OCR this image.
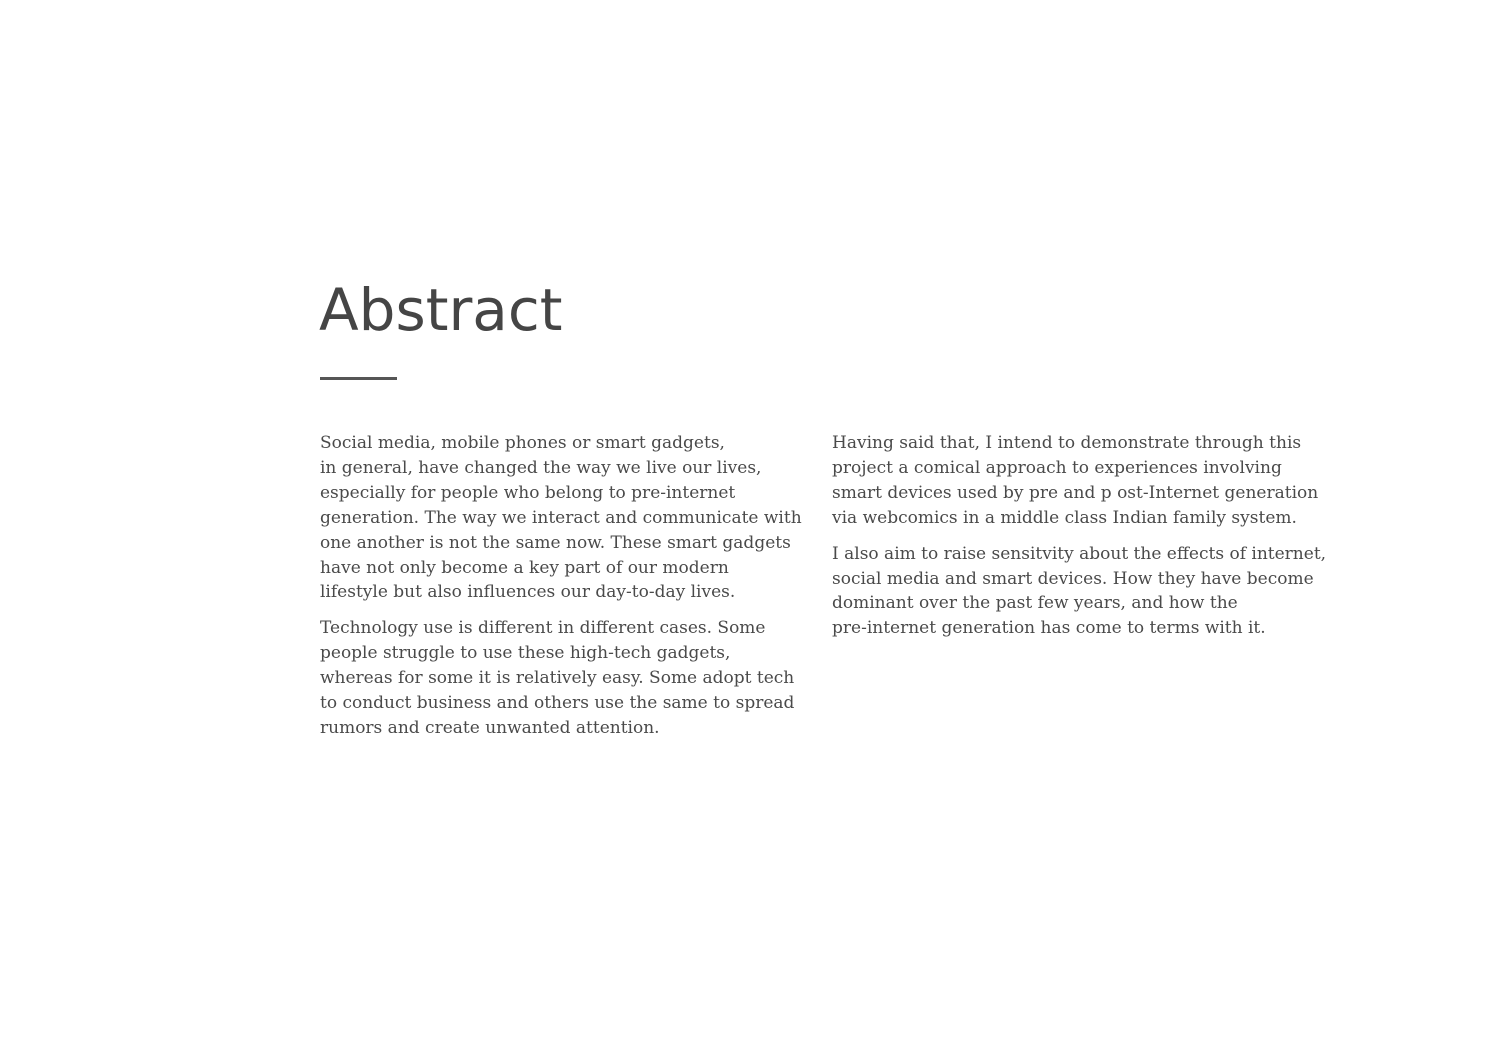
Abstract

Social media, mobile phones or smart gadgets,
in general, have changed the way we live our lives,
especially for people who belong to pre-internet
generation. The way we interact and communicate with
one another is not the same now. These smart gadgets
have not only become a key part of our modern
lifestyle but also influences our day-to-day lives.

Technology use is different in different cases. Some
people struggle to use these high-tech gadgets,
whereas for some it is relatively easy. Some adopt tech
to conduct business and others use the same to spread
rumors and create unwanted attention.

Having said that, I intend to demonstrate through this
project a comical approach to experiences involving
smart devices used by pre and p ost-Internet generation
via webcomics in a middle class Indian family system.

I also aim to raise sensitvity about the effects of internet,
social media and smart devices. How they have become
dominant over the past few years, and how the
pre-internet generation has come to terms with it.
